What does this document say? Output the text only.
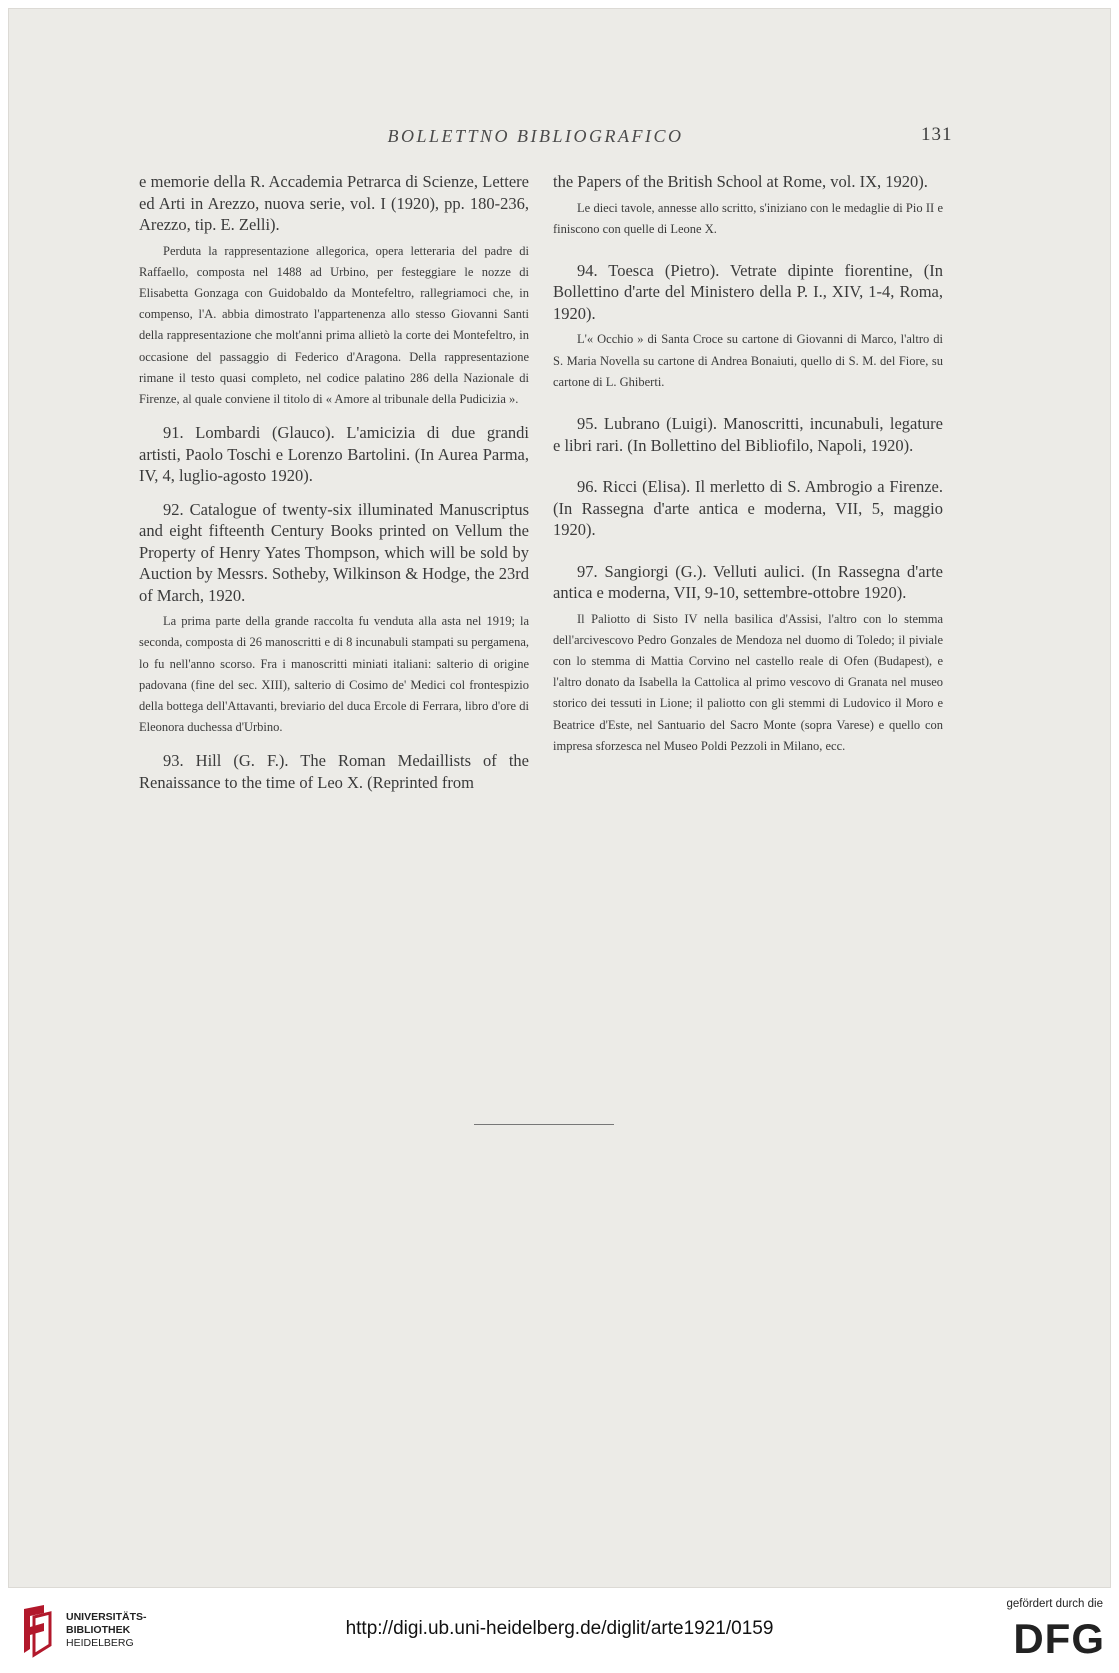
BOLLETTNO BIBLIOGRAFICO	131

e memorie della R. Accademia Petrarca di Scienze, Lettere ed Arti in Arezzo, nuova serie, vol. I (1920), pp. 180-236, Arezzo, tip. E. Zelli).

Perduta la rappresentazione allegorica, opera letteraria del padre di Raffaello, composta nel 1488 ad Urbino, per festeggiare le nozze di Elisabetta Gonzaga con Guidobaldo da Montefeltro, rallegriamoci che, in compenso, l'A. abbia dimostrato l'appartenenza allo stesso Giovanni Santi della rappresentazione che molt'anni prima allietò la corte dei Montefeltro, in occasione del passaggio di Federico d'Aragona. Della rappresentazione rimane il testo quasi completo, nel codice palatino 286 della Nazionale di Firenze, al quale conviene il titolo di « Amore al tribunale della Pudicizia ».

91. Lombardi (Glauco). L'amicizia di due grandi artisti, Paolo Toschi e Lorenzo Bartolini. (In Aurea Parma, IV, 4, luglio-agosto 1920).

92. Catalogue of twenty-six illuminated Manuscriptus and eight fifteenth Century Books printed on Vellum the Property of Henry Yates Thompson, which will be sold by Auction by Messrs. Sotheby, Wilkinson & Hodge, the 23rd of March, 1920.

La prima parte della grande raccolta fu venduta alla asta nel 1919; la seconda, composta di 26 manoscritti e di 8 incunabuli stampati su pergamena, lo fu nell'anno scorso. Fra i manoscritti miniati italiani: salterio di origine padovana (fine del sec. XIII), salterio di Cosimo de' Medici col frontespizio della bottega dell'Attavanti, breviario del duca Ercole di Ferrara, libro d'ore di Eleonora duchessa d'Urbino.

93. Hill (G. F.). The Roman Medaillists of the Renaissance to the time of Leo X. (Reprinted from

the Papers of the British School at Rome, vol. IX, 1920).

Le dieci tavole, annesse allo scritto, s'iniziano con le medaglie di Pio II e finiscono con quelle di Leone X.

94. Toesca (Pietro). Vetrate dipinte fiorentine, (In Bollettino d'arte del Ministero della P. I., XIV, 1-4, Roma, 1920).

L'« Occhio » di Santa Croce su cartone di Giovanni di Marco, l'altro di S. Maria Novella su cartone di Andrea Bonaiuti, quello di S. M. del Fiore, su cartone di L. Ghiberti.

95. Lubrano (Luigi). Manoscritti, incunabuli, legature e libri rari. (In Bollettino del Bibliofilo, Napoli, 1920).

96. Ricci (Elisa). Il merletto di S. Ambrogio a Firenze. (In Rassegna d'arte antica e moderna, VII, 5, maggio 1920).

97. Sangiorgi (G.). Velluti aulici. (In Rassegna d'arte antica e moderna, VII, 9-10, settembre-ottobre 1920).

Il Paliotto di Sisto IV nella basilica d'Assisi, l'altro con lo stemma dell'arcivescovo Pedro Gonzales de Mendoza nel duomo di Toledo; il piviale con lo stemma di Mattia Corvino nel castello reale di Ofen (Budapest), e l'altro donato da Isabella la Cattolica al primo vescovo di Granata nel museo storico dei tessuti in Lione; il paliotto con gli stemmi di Ludovico il Moro e Beatrice d'Este, nel Santuario del Sacro Monte (sopra Varese) e quello con impresa sforzesca nel Museo Poldi Pezzoli in Milano, ecc.

UNIVERSITÄTS-
BIBLIOTHEK
HEIDELBERG
http://digi.ub.uni-heidelberg.de/diglit/arte1921/0159
gefördert durch die
DFG
